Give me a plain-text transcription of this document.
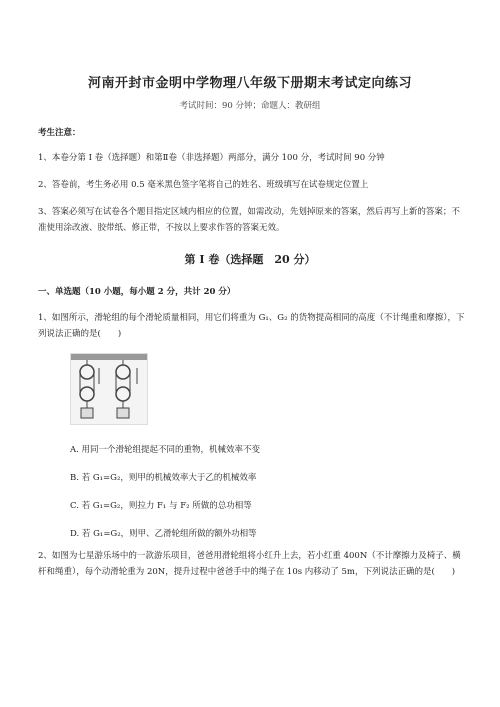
河南开封市金明中学物理八年级下册期末考试定向练习
考试时间：90 分钟；命题人：教研组
考生注意：
1、本卷分第 I 卷（选择题）和第Ⅱ卷（非选择题）两部分，满分 100 分，考试时间 90 分钟
2、答卷前，考生务必用 0.5 毫米黑色签字笔将自己的姓名、班级填写在试卷规定位置上
3、答案必须写在试卷各个题目指定区域内相应的位置，如需改动，先划掉原来的答案，然后再写上新的答案；不准使用涂改液、胶带纸、修正带，不按以上要求作答的答案无效。
第 I 卷（选择题　20 分）
一、单选题（10 小题，每小题 2 分，共计 20 分）
1、如图所示，滑轮组的每个滑轮质量相同，用它们将重为 G₁、G₂ 的货物提高相同的高度（不计绳重和摩擦），下列说法正确的是(　　)
A. 用同一个滑轮组提起不同的重物，机械效率不变
B. 若 G₁=G₂，则甲的机械效率大于乙的机械效率
C. 若 G₁=G₂，则拉力 F₁ 与 F₂ 所做的总功相等
D. 若 G₁=G₂，则甲、乙滑轮组所做的额外功相等
2、如图为七星游乐场中的一款游乐项目，爸爸用滑轮组将小红升上去，若小红重 400N（不计摩擦力及椅子、横杆和绳重），每个动滑轮重为 20N，提升过程中爸爸手中的绳子在 10s 内移动了 5m，下列说法正确的是(　　)
